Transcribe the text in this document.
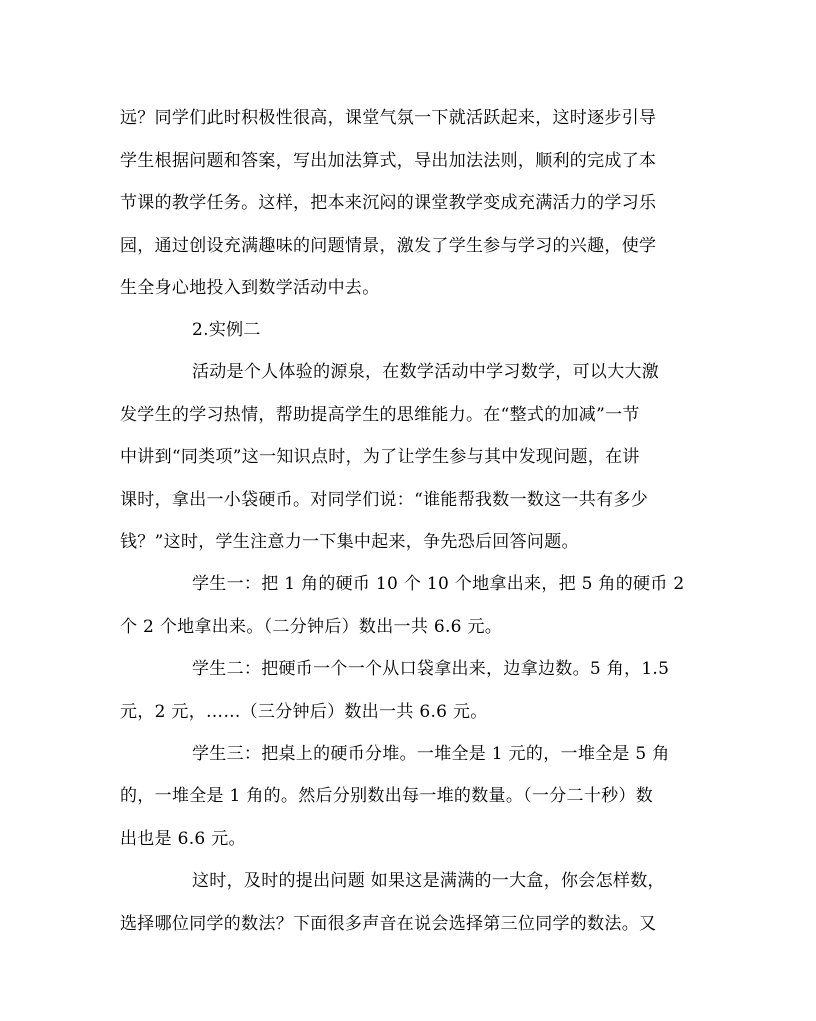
远？同学们此时积极性很高，课堂气氛一下就活跃起来，这时逐步引导
学生根据问题和答案，写出加法算式，导出加法法则，顺利的完成了本
节课的教学任务。这样，把本来沉闷的课堂教学变成充满活力的学习乐
园，通过创设充满趣味的问题情景，激发了学生参与学习的兴趣，使学
生全身心地投入到数学活动中去。
2.实例二
活动是个人体验的源泉，在数学活动中学习数学，可以大大激
发学生的学习热情，帮助提高学生的思维能力。在“整式的加减”一节
中讲到“同类项”这一知识点时，为了让学生参与其中发现问题，在讲
课时，拿出一小袋硬币。对同学们说：“谁能帮我数一数这一共有多少
钱？”这时，学生注意力一下集中起来，争先恐后回答问题。
学生一：把 1 角的硬币 10 个 10 个地拿出来，把 5 角的硬币 2
个 2 个地拿出来。（二分钟后）数出一共 6.6 元。
学生二：把硬币一个一个从口袋拿出来，边拿边数。5 角，1.5
元，2 元，……（三分钟后）数出一共 6.6 元。
学生三：把桌上的硬币分堆。一堆全是 1 元的，一堆全是 5 角
的，一堆全是 1 角的。然后分别数出每一堆的数量。（一分二十秒）数
出也是 6.6 元。
这时，及时的提出问题 如果这是满满的一大盒，你会怎样数，
选择哪位同学的数法？下面很多声音在说会选择第三位同学的数法。又
